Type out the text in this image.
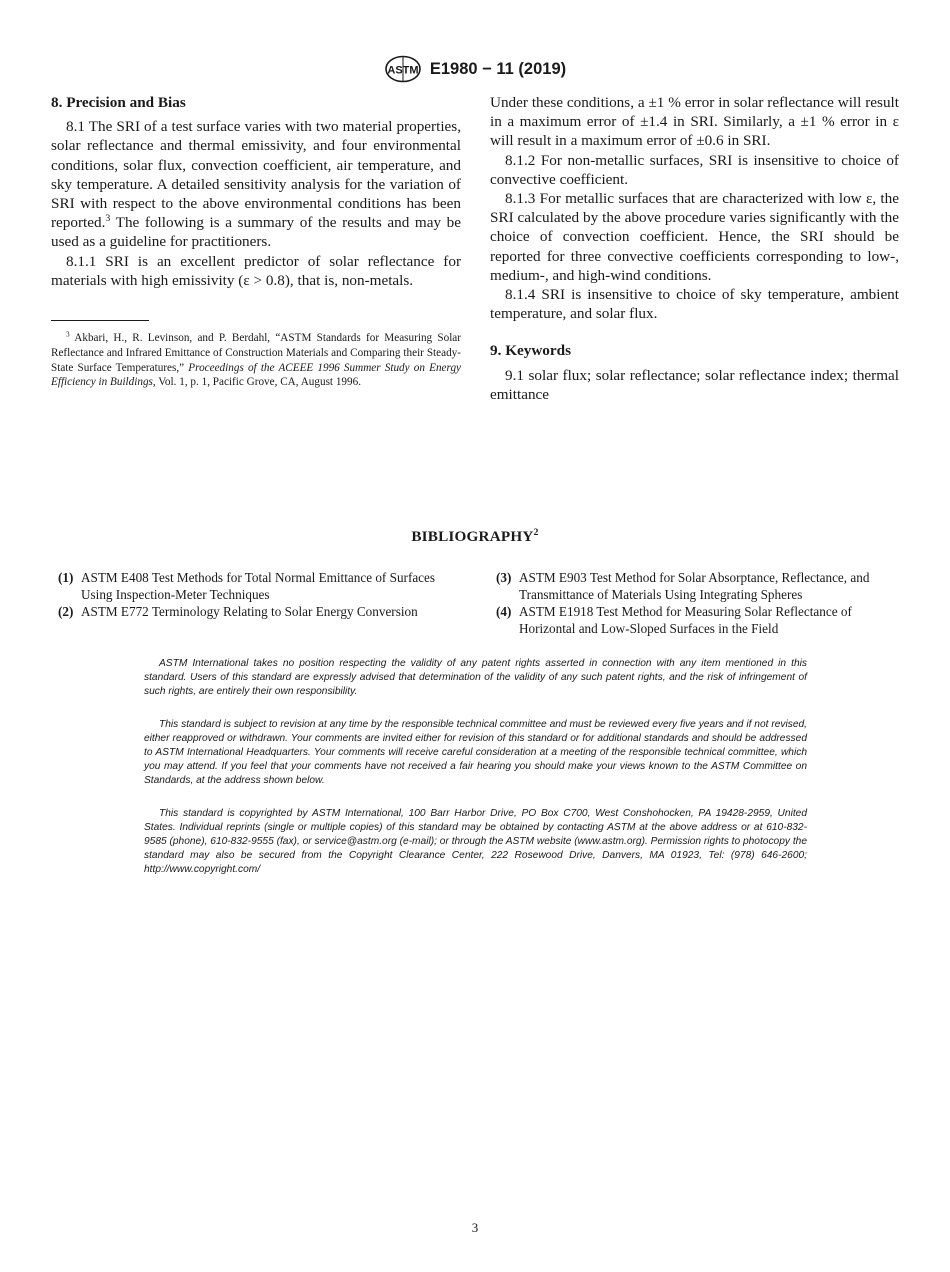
ASTM E1980 − 11 (2019)
8. Precision and Bias

8.1 The SRI of a test surface varies with two material properties, solar reflectance and thermal emissivity, and four environmental conditions, solar flux, convection coefficient, air temperature, and sky temperature. A detailed sensitivity analysis for the variation of SRI with respect to the above environmental conditions has been reported.$^3$ The following is a summary of the results and may be used as a guideline for practitioners.

8.1.1 SRI is an excellent predictor of solar reflectance for materials with high emissivity (ε > 0.8), that is, non-metals.

$^3$ Akbari, H., R. Levinson, and P. Berdahl, “ASTM Standards for Measuring Solar Reflectance and Infrared Emittance of Construction Materials and Comparing their Steady-State Surface Temperatures,” Proceedings of the ACEEE 1996 Summer Study on Energy Efficiency in Buildings, Vol. 1, p. 1, Pacific Grove, CA, August 1996.

Under these conditions, a ±1 % error in solar reflectance will result in a maximum error of ±1.4 in SRI. Similarly, a ±1 % error in ε will result in a maximum error of ±0.6 in SRI.

8.1.2 For non-metallic surfaces, SRI is insensitive to choice of convective coefficient.

8.1.3 For metallic surfaces that are characterized with low ε, the SRI calculated by the above procedure varies significantly with the choice of convection coefficient. Hence, the SRI should be reported for three convective coefficients corresponding to low-, medium-, and high-wind conditions.

8.1.4 SRI is insensitive to choice of sky temperature, ambient temperature, and solar flux.

9. Keywords

9.1 solar flux; solar reflectance; solar reflectance index; thermal emittance

BIBLIOGRAPHY$^2$
(1) ASTM E408 Test Methods for Total Normal Emittance of Surfaces Using Inspection-Meter Techniques
(2) ASTM E772 Terminology Relating to Solar Energy Conversion
(3) ASTM E903 Test Method for Solar Absorptance, Reflectance, and Transmittance of Materials Using Integrating Spheres
(4) ASTM E1918 Test Method for Measuring Solar Reflectance of Horizontal and Low-Sloped Surfaces in the Field

ASTM International takes no position respecting the validity of any patent rights asserted in connection with any item mentioned in this standard. Users of this standard are expressly advised that determination of the validity of any such patent rights, and the risk of infringement of such rights, are entirely their own responsibility.

This standard is subject to revision at any time by the responsible technical committee and must be reviewed every five years and if not revised, either reapproved or withdrawn. Your comments are invited either for revision of this standard or for additional standards and should be addressed to ASTM International Headquarters. Your comments will receive careful consideration at a meeting of the responsible technical committee, which you may attend. If you feel that your comments have not received a fair hearing you should make your views known to the ASTM Committee on Standards, at the address shown below.

This standard is copyrighted by ASTM International, 100 Barr Harbor Drive, PO Box C700, West Conshohocken, PA 19428-2959, United States. Individual reprints (single or multiple copies) of this standard may be obtained by contacting ASTM at the above address or at 610-832-9585 (phone), 610-832-9555 (fax), or service@astm.org (e-mail); or through the ASTM website (www.astm.org). Permission rights to photocopy the standard may also be secured from the Copyright Clearance Center, 222 Rosewood Drive, Danvers, MA 01923, Tel: (978) 646-2600; http://www.copyright.com/

3
